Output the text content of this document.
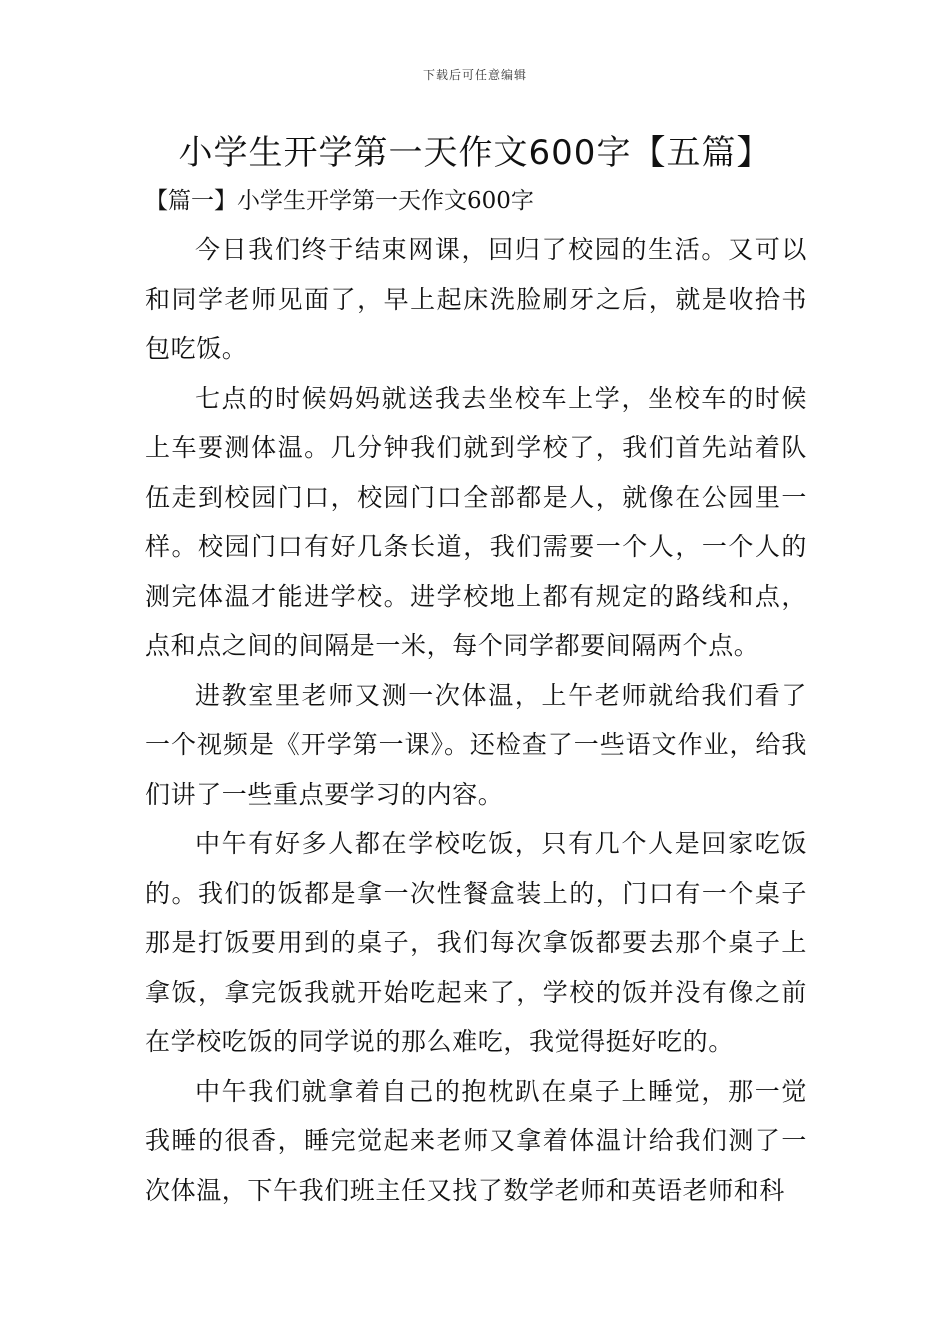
下载后可任意编辑
小学生开学第一天作文600字【五篇】
【篇一】小学生开学第一天作文600字

今日我们终于结束网课，回归了校园的生活。又可以和同学老师见面了，早上起床洗脸刷牙之后，就是收拾书包吃饭。

七点的时候妈妈就送我去坐校车上学，坐校车的时候上车要测体温。几分钟我们就到学校了，我们首先站着队伍走到校园门口，校园门口全部都是人，就像在公园里一样。校园门口有好几条长道，我们需要一个人，一个人的测完体温才能进学校。进学校地上都有规定的路线和点，点和点之间的间隔是一米，每个同学都要间隔两个点。

进教室里老师又测一次体温，上午老师就给我们看了一个视频是《开学第一课》。还检查了一些语文作业，给我们讲了一些重点要学习的内容。

中午有好多人都在学校吃饭，只有几个人是回家吃饭的。我们的饭都是拿一次性餐盒装上的，门口有一个桌子那是打饭要用到的桌子，我们每次拿饭都要去那个桌子上拿饭，拿完饭我就开始吃起来了，学校的饭并没有像之前在学校吃饭的同学说的那么难吃，我觉得挺好吃的。

中午我们就拿着自己的抱枕趴在桌子上睡觉，那一觉我睡的很香，睡完觉起来老师又拿着体温计给我们测了一次体温，下午我们班主任又找了数学老师和英语老师和科
